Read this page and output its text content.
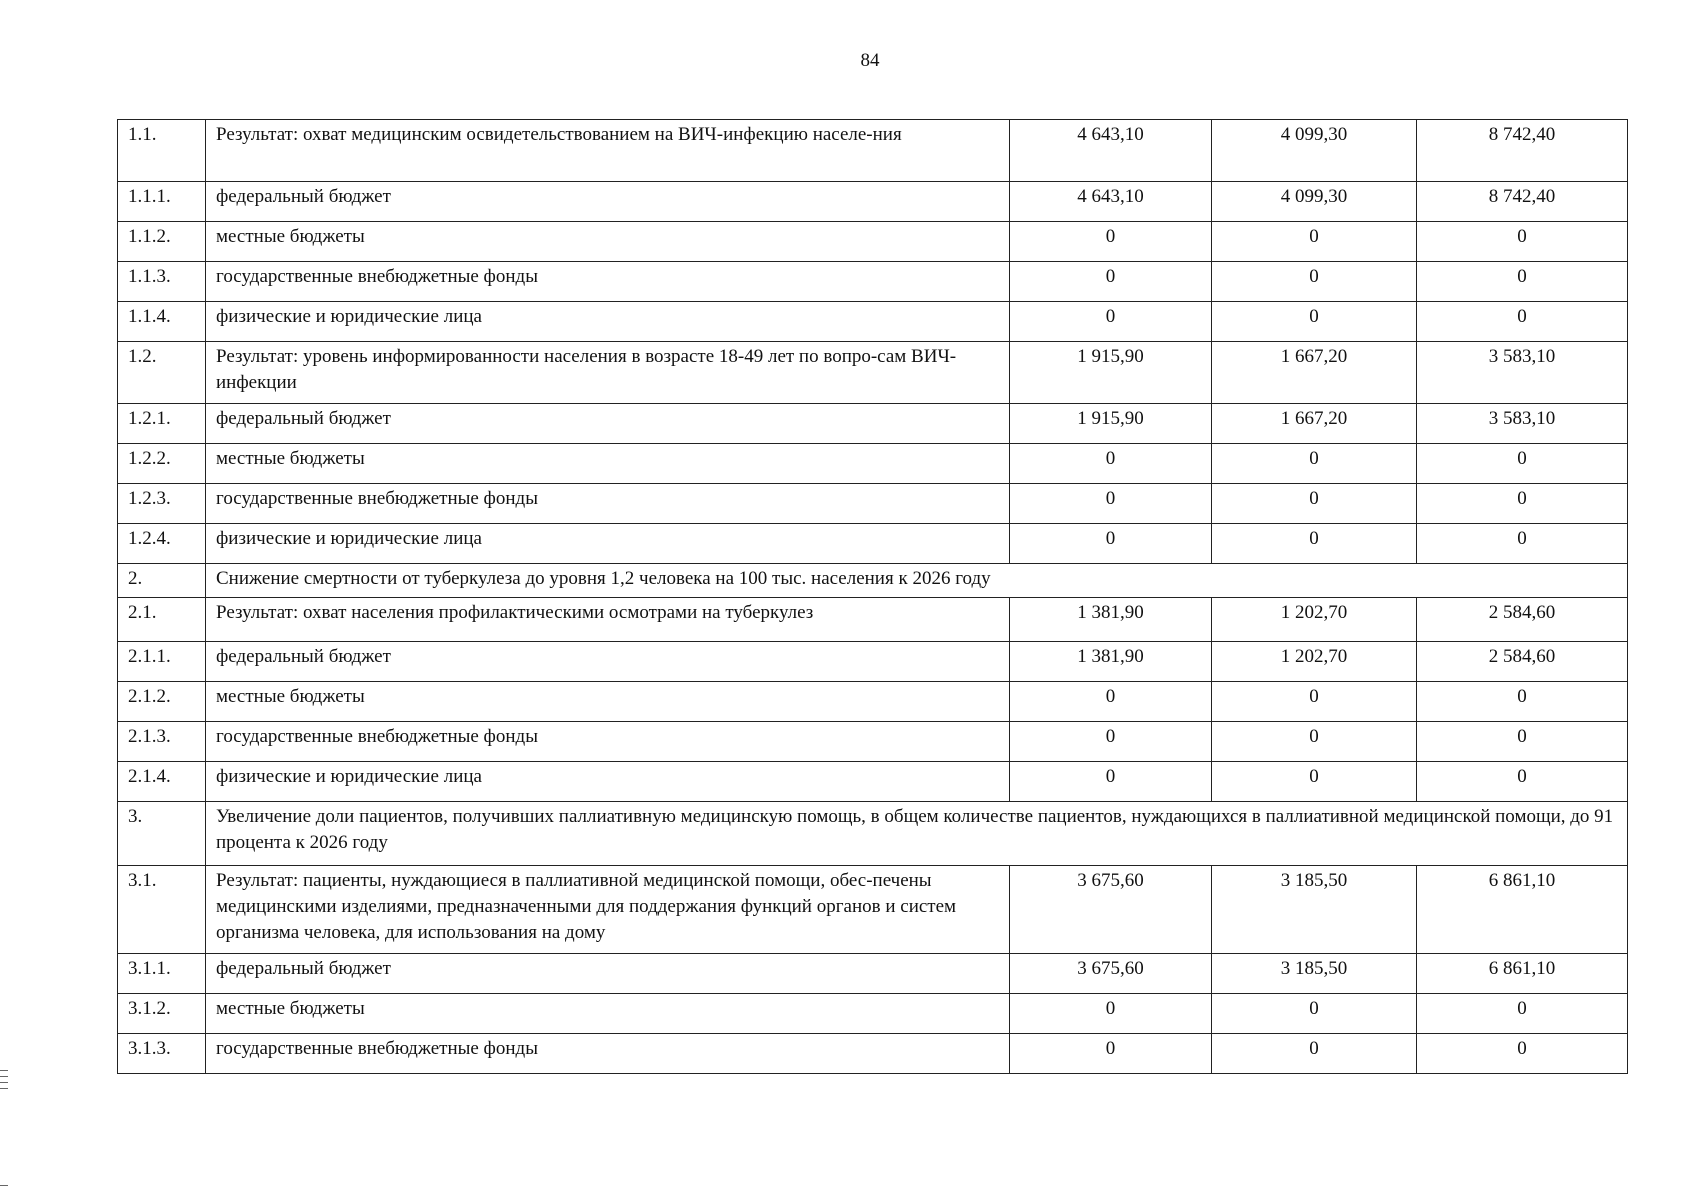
84
1.1.	Результат: охват медицинским освидетельствованием на ВИЧ-инфекцию населе-ния	4 643,10	4 099,30	8 742,40
1.1.1.	федеральный бюджет	4 643,10	4 099,30	8 742,40
1.1.2.	местные бюджеты	0	0	0
1.1.3.	государственные внебюджетные фонды	0	0	0
1.1.4.	физические и юридические лица	0	0	0
1.2.	Результат: уровень информированности населения в возрасте 18-49 лет по вопро-сам ВИЧ-инфекции	1 915,90	1 667,20	3 583,10
1.2.1.	федеральный бюджет	1 915,90	1 667,20	3 583,10
1.2.2.	местные бюджеты	0	0	0
1.2.3.	государственные внебюджетные фонды	0	0	0
1.2.4.	физические и юридические лица	0	0	0
2.	Снижение смертности от туберкулеза до уровня 1,2 человека на 100 тыс. населения к 2026 году			
2.1.	Результат: охват населения профилактическими осмотрами на туберкулез	1 381,90	1 202,70	2 584,60
2.1.1.	федеральный бюджет	1 381,90	1 202,70	2 584,60
2.1.2.	местные бюджеты	0	0	0
2.1.3.	государственные внебюджетные фонды	0	0	0
2.1.4.	физические и юридические лица	0	0	0
3.	Увеличение доли пациентов, получивших паллиативную медицинскую помощь, в общем количестве пациентов, нуждающихся в паллиативной медицинской помощи, до 91 процента к 2026 году			
3.1.	Результат: пациенты, нуждающиеся в паллиативной медицинской помощи, обес-печены медицинскими изделиями, предназначенными для поддержания функций органов и систем организма человека, для использования на дому	3 675,60	3 185,50	6 861,10
3.1.1.	федеральный бюджет	3 675,60	3 185,50	6 861,10
3.1.2.	местные бюджеты	0	0	0
3.1.3.	государственные внебюджетные фонды	0	0	0
